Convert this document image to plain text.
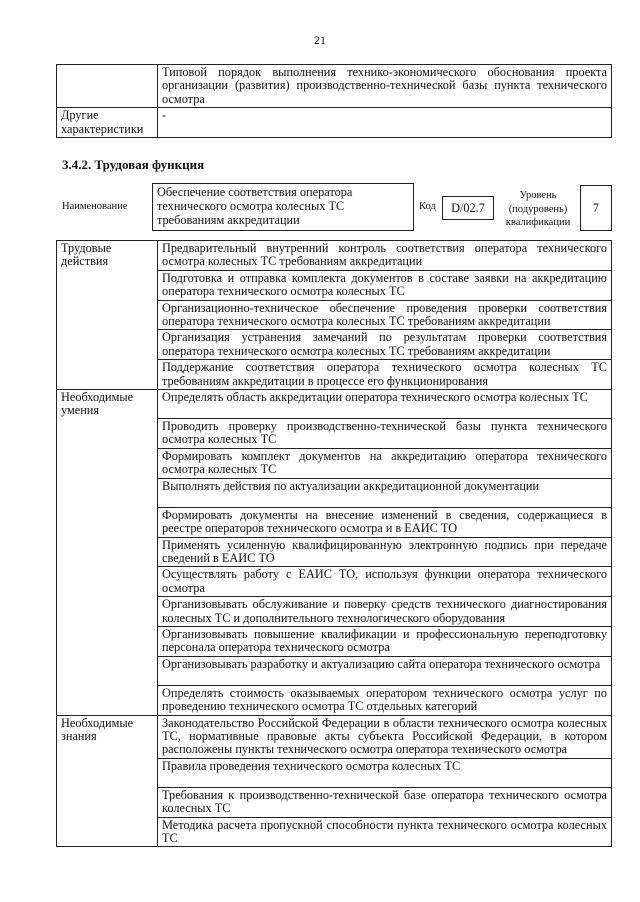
21
	Типовой порядок выполнения технико-экономического обоснования проекта организации (развития) производственно-технической базы пункта технического осмотра
Другие характеристики	-
3.4.2. Трудовая функция
Наименование
Обеспечение соответствия оператора технического осмотра колесных ТС требованиям аккредитации
Код	D/02.7
Уровень (подуровень) квалификации
7
Трудовые действия	Предварительный внутренний контроль соответствия оператора технического осмотра колесных ТС требованиям аккредитации
	Подготовка и отправка комплекта документов в составе заявки на аккредитацию оператора технического осмотра колесных ТС
	Организационно-техническое обеспечение проведения проверки соответствия оператора технического осмотра колесных ТС требованиям аккредитации
	Организация устранения замечаний по результатам проверки соответствия оператора технического осмотра колесных ТС требованиям аккредитации
	Поддержание соответствия оператора технического осмотра колесных ТС требованиям аккредитации в процессе его функционирования
Необходимые умения	Определять область аккредитации оператора технического осмотра колесных ТС
	Проводить проверку производственно-технической базы пункта технического осмотра колесных ТС
	Формировать комплект документов на аккредитацию оператора технического осмотра колесных ТС
	Выполнять действия по актуализации аккредитационной документации
	Формировать документы на внесение изменений в сведения, содержащиеся в реестре операторов технического осмотра и в ЕАИС ТО
	Применять усиленную квалифицированную электронную подпись при передаче сведений в ЕАИС ТО
	Осуществлять работу с ЕАИС ТО, используя функции оператора технического осмотра
	Организовывать обслуживание и поверку средств технического диагностирования колесных ТС и дополнительного технологического оборудования
	Организовывать повышение квалификации и профессиональную переподготовку персонала оператора технического осмотра
	Организовывать разработку и актуализацию сайта оператора технического осмотра
	Определять стоимость оказываемых оператором технического осмотра услуг по проведению технического осмотра ТС отдельных категорий
Необходимые знания	Законодательство Российской Федерации в области технического осмотра колесных ТС, нормативные правовые акты субъекта Российской Федерации, в котором расположены пункты технического осмотра оператора технического осмотра
	Правила проведения технического осмотра колесных ТС
	Требования к производственно-технической базе оператора технического осмотра колесных ТС
	Методика расчета пропускной способности пункта технического осмотра колесных ТС
